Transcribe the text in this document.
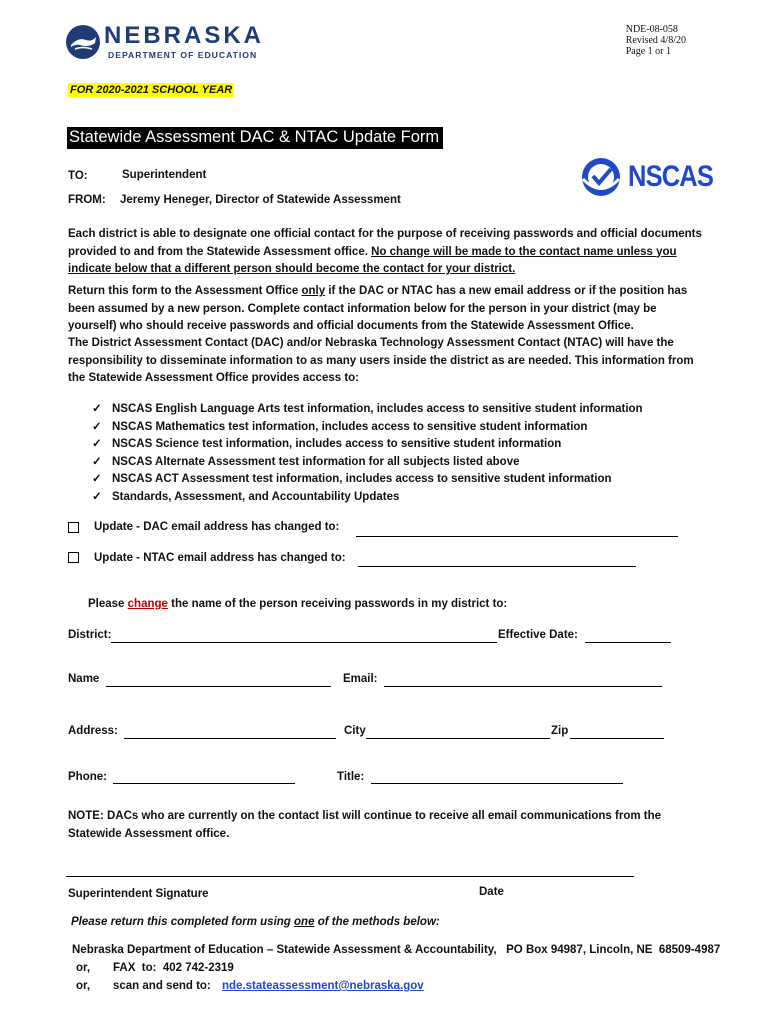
NEBRASKA
DEPARTMENT OF EDUCATION
NDE-08-058
Revised 4/8/20
Page 1 or 1
FOR 2020-2021 SCHOOL YEAR
Statewide Assessment DAC & NTAC Update Form
NSCAS
TO:	Superintendent
FROM: Jeremy Heneger, Director of Statewide Assessment
Each district is able to designate one official contact for the purpose of receiving passwords and official documents provided to and from the Statewide Assessment office. No change will be made to the contact name unless you indicate below that a different person should become the contact for your district.
Return this form to the Assessment Office only if the DAC or NTAC has a new email address or if the position has been assumed by a new person. Complete contact information below for the person in your district (may be yourself) who should receive passwords and official documents from the Statewide Assessment Office.
The District Assessment Contact (DAC) and/or Nebraska Technology Assessment Contact (NTAC) will have the responsibility to disseminate information to as many users inside the district as are needed. This information from the Statewide Assessment Office provides access to:
✓ NSCAS English Language Arts test information, includes access to sensitive student information
✓ NSCAS Mathematics test information, includes access to sensitive student information
✓ NSCAS Science test information, includes access to sensitive student information
✓ NSCAS Alternate Assessment test information for all subjects listed above
✓ NSCAS ACT Assessment test information, includes access to sensitive student information
✓ Standards, Assessment, and Accountability Updates
Update - DAC email address has changed to:
Update - NTAC email address has changed to:
Please change the name of the person receiving passwords in my district to:
District:	Effective Date:
Name	Email:
Address:	City	Zip
Phone:	Title:
NOTE: DACs who are currently on the contact list will continue to receive all email communications from the Statewide Assessment office.
Superintendent Signature	Date
Please return this completed form using one of the methods below:
Nebraska Department of Education – Statewide Assessment & Accountability,   PO Box 94987, Lincoln, NE  68509-4987
or, FAX  to:  402 742-2319
or, scan and send to: nde.stateassessment@nebraska.gov
